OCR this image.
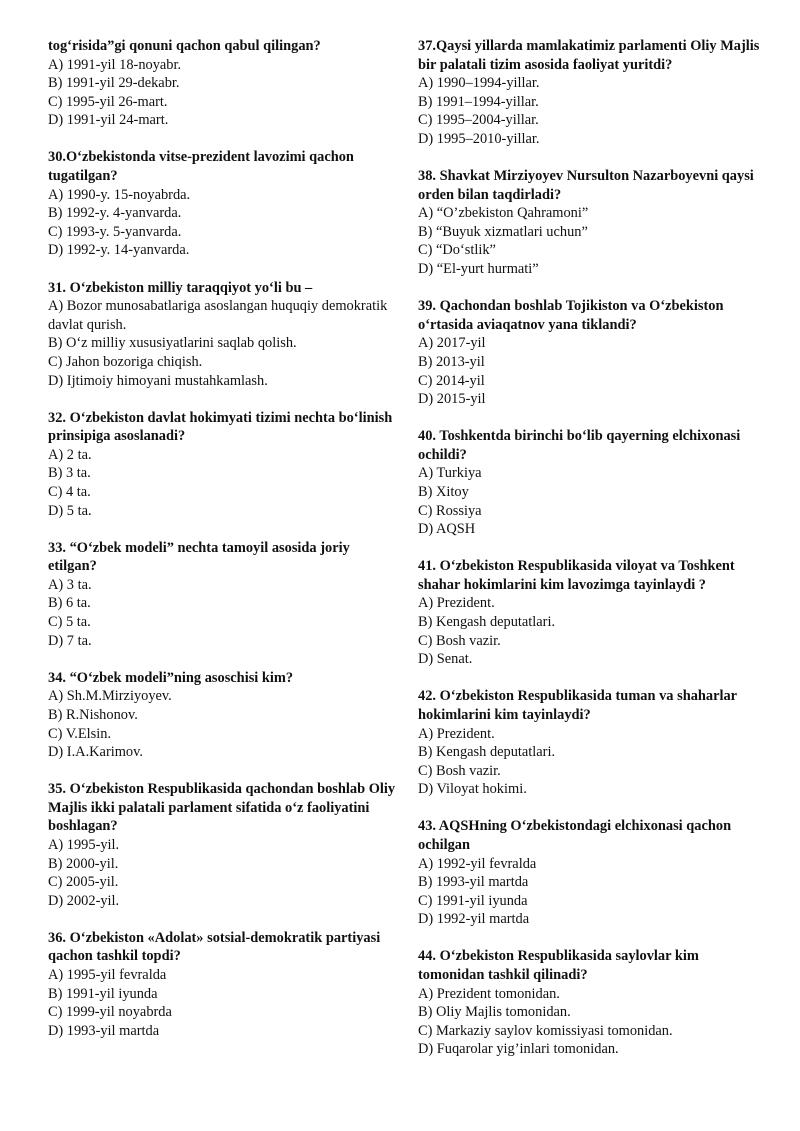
tog‘risida”gi qonuni qachon qabul qilingan?
A) 1991-yil 18-noyabr.
B) 1991-yil 29-dekabr.
C) 1995-yil 26-mart.
D) 1991-yil 24-mart.
30.O‘zbekistonda vitse-prezident lavozimi qachon tugatilgan?
A) 1990-y. 15-noyabrda.
B) 1992-y. 4-yanvarda.
C) 1993-y. 5-yanvarda.
D) 1992-y. 14-yanvarda.
31. O‘zbekiston milliy taraqqiyot yo‘li bu –
A) Bozor munosabatlariga asoslangan huquqiy demokratik davlat qurish.
B) O‘z milliy xususiyatlarini saqlab qolish.
C) Jahon bozoriga chiqish.
D) Ijtimoiy himoyani mustahkamlash.
32. O‘zbekiston davlat hokimyati tizimi nechta bo‘linish prinsipiga asoslanadi?
A) 2 ta.
B) 3 ta.
C) 4 ta.
D) 5 ta.
33. “O‘zbek modeli” nechta tamoyil asosida joriy etilgan?
A) 3 ta.
B) 6 ta.
C) 5 ta.
D) 7 ta.
34. “O‘zbek modeli”ning asoschisi kim?
A) Sh.M.Mirziyoyev.
B) R.Nishonov.
C) V.Elsin.
D) I.A.Karimov.
35. O‘zbekiston Respublikasida qachondan boshlab Oliy Majlis ikki palatali parlament sifatida o‘z faoliyatini boshlagan?
A) 1995-yil.
B) 2000-yil.
C) 2005-yil.
D) 2002-yil.
36. O‘zbekiston «Adolat» sotsial-demokratik partiyasi qachon tashkil topdi?
A) 1995-yil fevralda
B) 1991-yil iyunda
C) 1999-yil noyabrda
D) 1993-yil martda
37.Qaysi yillarda mamlakatimiz parlamenti Oliy Majlis bir palatali tizim asosida faoliyat yuritdi?
A) 1990–1994-yillar.
B) 1991–1994-yillar.
C) 1995–2004-yillar.
D) 1995–2010-yillar.
38. Shavkat Mirziyoyev Nursulton Nazarboyevni qaysi orden bilan taqdirladi?
A) “O’zbekiston Qahramoni”
B) “Buyuk xizmatlari uchun”
C) “Do‘stlik”
D) “El-yurt hurmati”
39. Qachondan boshlab Tojikiston va O‘zbekiston o‘rtasida aviaqatnov yana tiklandi?
A) 2017-yil
B) 2013-yil
C) 2014-yil
D) 2015-yil
40. Toshkentda birinchi bo‘lib qayerning elchixonasi ochildi?
A) Turkiya
B) Xitoy
C) Rossiya
D) AQSH
41. O‘zbekiston Respublikasida viloyat va Toshkent shahar hokimlarini kim lavozimga tayinlaydi ?
A) Prezident.
B) Kengash deputatlari.
C) Bosh vazir.
D) Senat.
42. O‘zbekiston Respublikasida tuman va shaharlar hokimlarini kim tayinlaydi?
A) Prezident.
B) Kengash deputatlari.
C) Bosh vazir.
D) Viloyat hokimi.
43. AQSHning O‘zbekistondagi elchixonasi qachon ochilgan
A) 1992-yil fevralda
B) 1993-yil martda
C) 1991-yil iyunda
D) 1992-yil martda
44. O‘zbekiston Respublikasida saylovlar kim tomonidan tashkil qilinadi?
A) Prezident tomonidan.
B) Oliy Majlis tomonidan.
C) Markaziy saylov komissiyasi tomonidan.
D) Fuqarolar yig’inlari tomonidan.
